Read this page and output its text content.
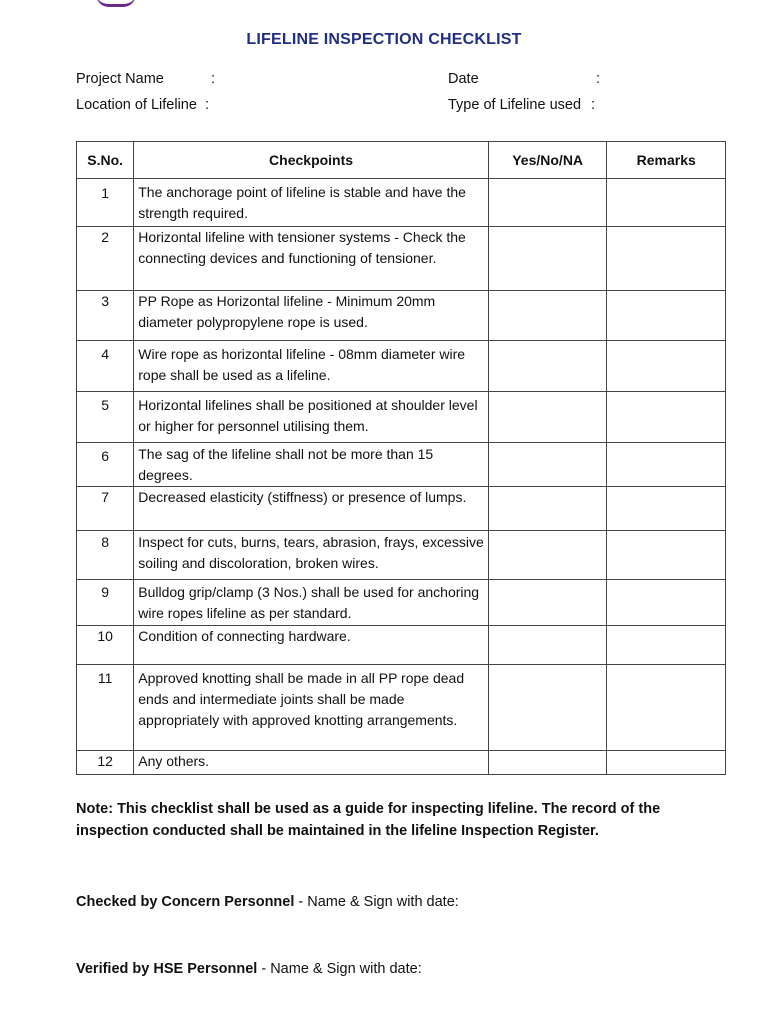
LIFELINE INSPECTION CHECKLIST
Project Name	:
Location of Lifeline :
Date	:
Type of Lifeline used :
S.No.	Checkpoints	Yes/No/NA	Remarks
1	The anchorage point of lifeline is stable and have the strength required.		
2	Horizontal lifeline with tensioner systems - Check the connecting devices and functioning of tensioner.		
3	PP Rope as Horizontal lifeline - Minimum 20mm diameter polypropylene rope is used.		
4	Wire rope as horizontal lifeline - 08mm diameter wire rope shall be used as a lifeline.		
5	Horizontal lifelines shall be positioned at shoulder level or higher for personnel utilising them.		
6	The sag of the lifeline shall not be more than 15 degrees.		
7	Decreased elasticity (stiffness) or presence of lumps.		
8	Inspect for cuts, burns, tears, abrasion, frays, excessive soiling and discoloration, broken wires.		
9	Bulldog grip/clamp (3 Nos.) shall be used for anchoring wire ropes lifeline as per standard.		
10	Condition of connecting hardware.		
11	Approved knotting shall be made in all PP rope dead ends and intermediate joints shall be made appropriately with approved knotting arrangements.		
12	Any others.		
Note: This checklist shall be used as a guide for inspecting lifeline. The record of the inspection conducted shall be maintained in the lifeline Inspection Register.
Checked by Concern Personnel - Name & Sign with date:
Verified by HSE Personnel - Name & Sign with date:
